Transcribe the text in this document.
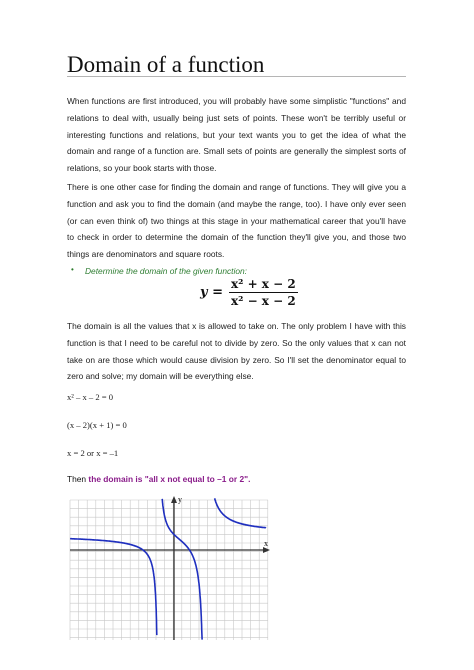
Domain of a function

When functions are first introduced, you will probably have some simplistic "functions" and relations to deal with, usually being just sets of points. These won't be terribly useful or interesting functions and relations, but your text wants you to get the idea of what the domain and range of a function are. Small sets of points are generally the simplest sorts of relations, so your book starts with those.

There is one other case for finding the domain and range of functions. They will give you a function and ask you to find the domain (and maybe the range, too). I have only ever seen (or can even think of) two things at this stage in your mathematical career that you'll have to check in order to determine the domain of the function they'll give you, and those two things are denominators and square roots.

• Determine the domain of the given function:
$y = \frac{\text{x² + x − 2}}{\text{x² − x − 2}}$

The domain is all the values that x is allowed to take on. The only problem I have with this function is that I need to be careful not to divide by zero. So the only values that x can not take on are those which would cause division by zero. So I'll set the denominator equal to zero and solve; my domain will be everything else.

x² – x – 2 = 0
(x – 2)(x + 1) = 0
x = 2 or x = –1
Then the domain is "all x not equal to –1 or 2".
x
y
